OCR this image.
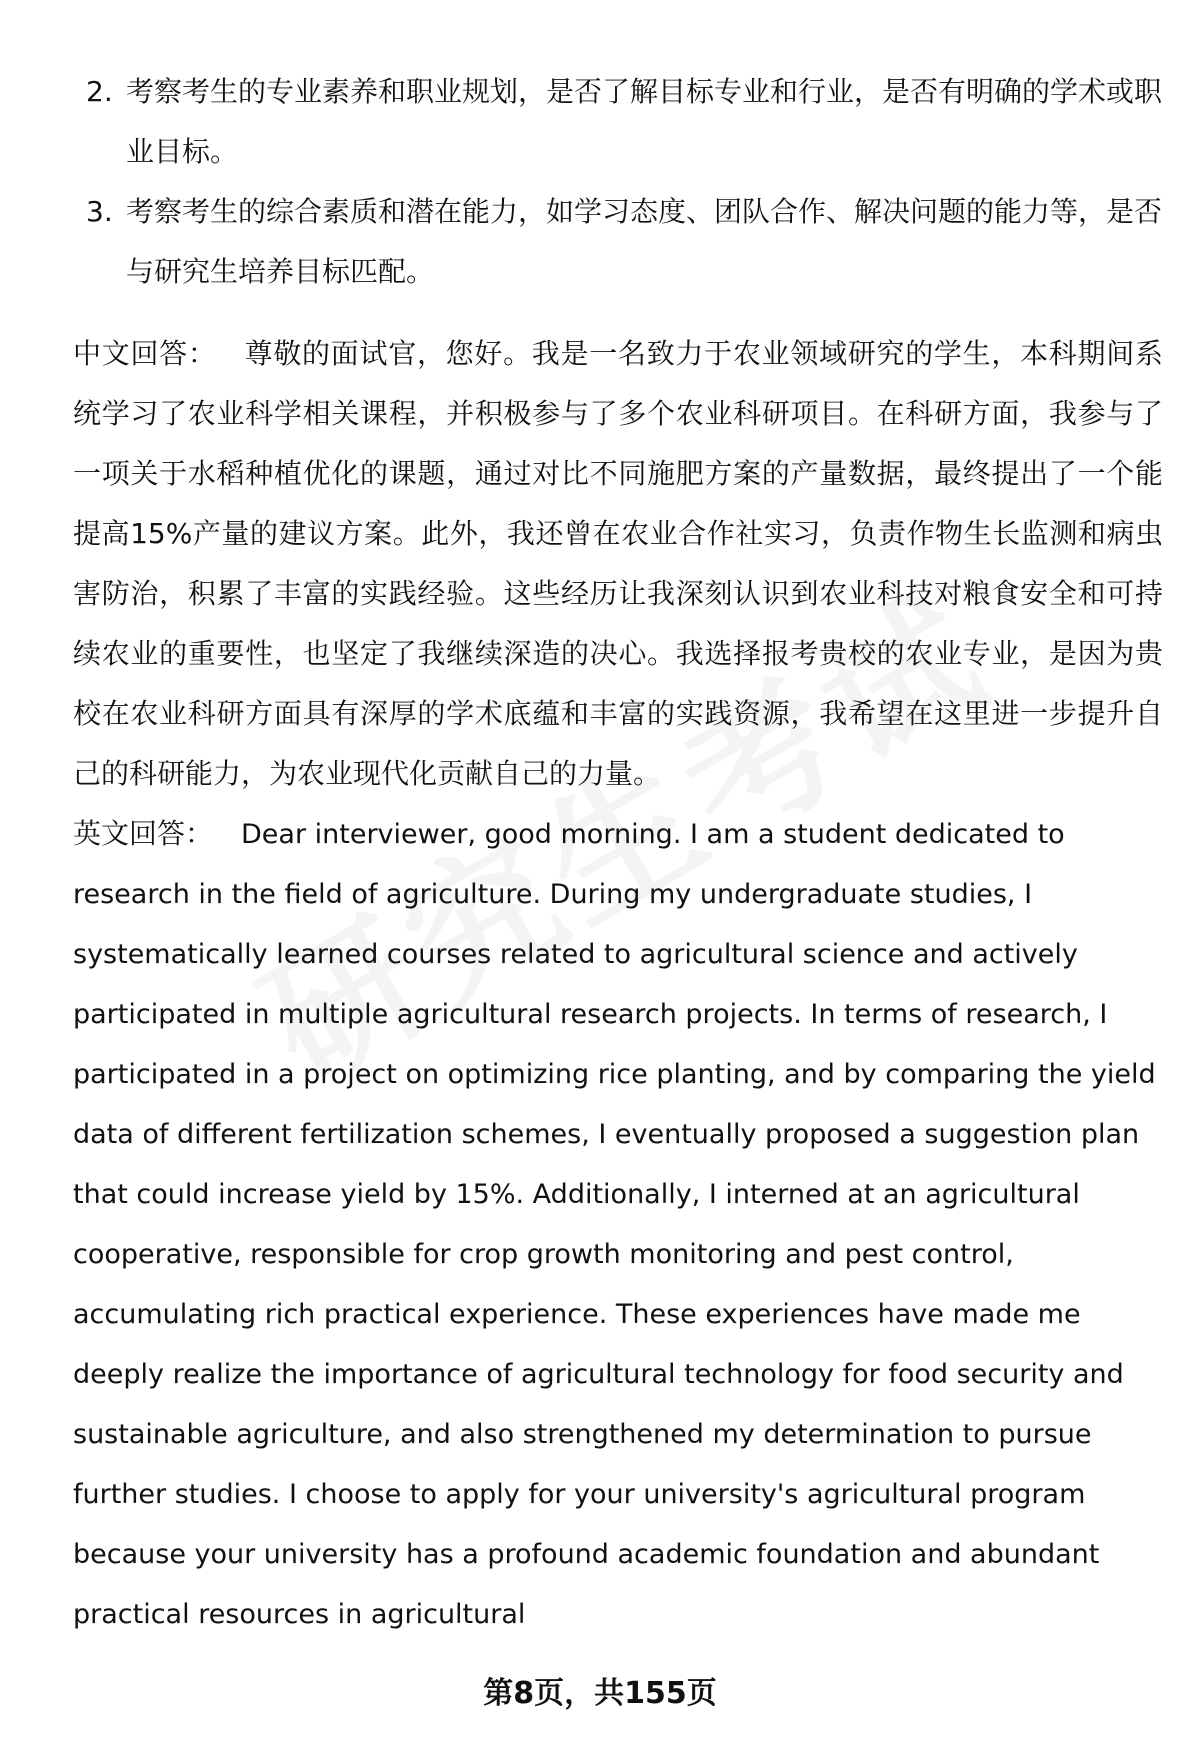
2. 考察考生的专业素养和职业规划，是否了解目标专业和行业，是否有明确的学术或职业目标。
3. 考察考生的综合素质和潜在能力，如学习态度、团队合作、解决问题的能力等，是否与研究生培养目标匹配。

中文回答： 尊敬的面试官，您好。我是一名致力于农业领域研究的学生，本科期间系统学习了农业科学相关课程，并积极参与了多个农业科研项目。在科研方面，我参与了一项关于水稻种植优化的课题，通过对比不同施肥方案的产量数据，最终提出了一个能提高15%产量的建议方案。此外，我还曾在农业合作社实习，负责作物生长监测和病虫害防治，积累了丰富的实践经验。这些经历让我深刻认识到农业科技对粮食安全和可持续农业的重要性，也坚定了我继续深造的决心。我选择报考贵校的农业专业，是因为贵校在农业科研方面具有深厚的学术底蕴和丰富的实践资源，我希望在这里进一步提升自己的科研能力，为农业现代化贡献自己的力量。

英文回答： Dear interviewer, good morning. I am a student dedicated to research in the field of agriculture. During my undergraduate studies, I systematically learned courses related to agricultural science and actively participated in multiple agricultural research projects. In terms of research, I participated in a project on optimizing rice planting, and by comparing the yield data of different fertilization schemes, I eventually proposed a suggestion plan that could increase yield by 15%. Additionally, I interned at an agricultural cooperative, responsible for crop growth monitoring and pest control, accumulating rich practical experience. These experiences have made me deeply realize the importance of agricultural technology for food security and sustainable agriculture, and also strengthened my determination to pursue further studies. I choose to apply for your university's agricultural program because your university has a profound academic foundation and abundant practical resources in agricultural

第8页，共155页
